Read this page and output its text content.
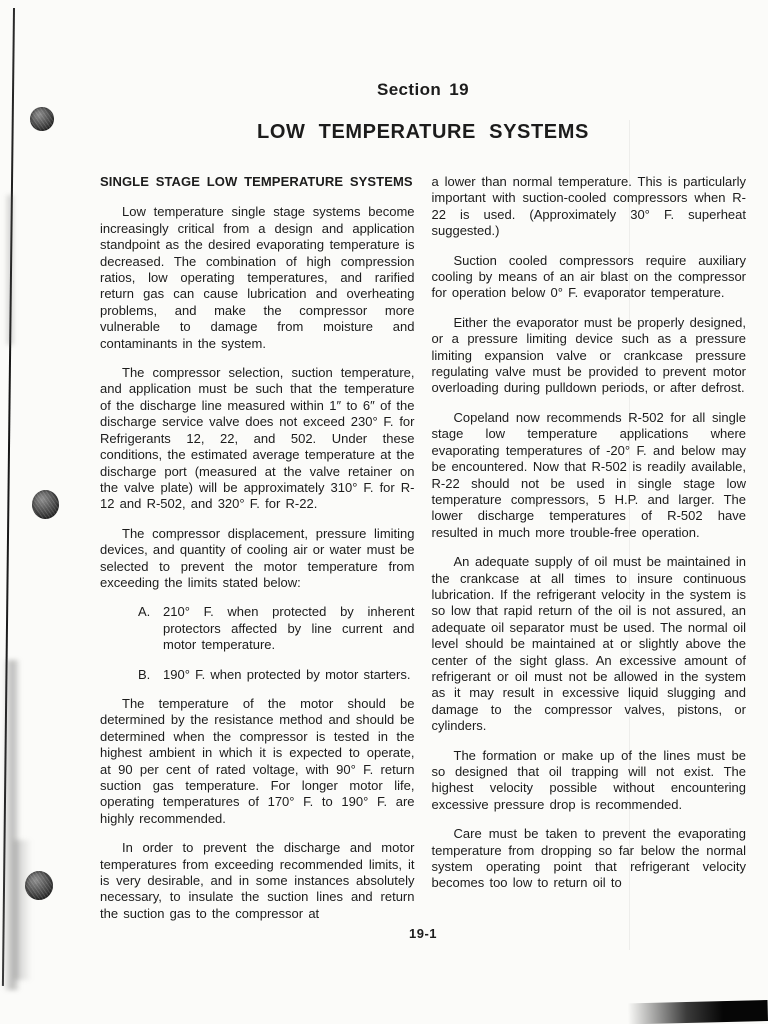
Section 19
LOW TEMPERATURE SYSTEMS
SINGLE STAGE LOW TEMPERATURE SYSTEMS

Low temperature single stage systems become increasingly critical from a design and application standpoint as the desired evaporating temperature is decreased. The combination of high compression ratios, low operating temperatures, and rarified return gas can cause lubrication and overheating problems, and make the compressor more vulnerable to damage from moisture and contaminants in the system.

The compressor selection, suction temperature, and application must be such that the temperature of the discharge line measured within 1″ to 6″ of the discharge service valve does not exceed 230° F. for Refrigerants 12, 22, and 502. Under these conditions, the estimated average temperature at the discharge port (measured at the valve retainer on the valve plate) will be approximately 310° F. for R-12 and R-502, and 320° F. for R-22.

The compressor displacement, pressure limiting devices, and quantity of cooling air or water must be selected to prevent the motor temperature from exceeding the limits stated below:

A. 210° F. when protected by inherent protectors affected by line current and motor temperature.
B. 190° F. when protected by motor starters.

The temperature of the motor should be determined by the resistance method and should be determined when the compressor is tested in the highest ambient in which it is expected to operate, at 90 per cent of rated voltage, with 90° F. return suction gas temperature. For longer motor life, operating temperatures of 170° F. to 190° F. are highly recommended.

In order to prevent the discharge and motor temperatures from exceeding recommended limits, it is very desirable, and in some instances absolutely necessary, to insulate the suction lines and return the suction gas to the compressor at

a lower than normal temperature. This is particularly important with suction-cooled compressors when R-22 is used. (Approximately 30° F. superheat suggested.)

Suction cooled compressors require auxiliary cooling by means of an air blast on the compressor for operation below 0° F. evaporator temperature.

Either the evaporator must be properly designed, or a pressure limiting device such as a pressure limiting expansion valve or crankcase pressure regulating valve must be provided to prevent motor overloading during pulldown periods, or after defrost.

Copeland now recommends R-502 for all single stage low temperature applications where evaporating temperatures of -20° F. and below may be encountered. Now that R-502 is readily available, R-22 should not be used in single stage low temperature compressors, 5 H.P. and larger. The lower discharge temperatures of R-502 have resulted in much more trouble-free operation.

An adequate supply of oil must be maintained in the crankcase at all times to insure continuous lubrication. If the refrigerant velocity in the system is so low that rapid return of the oil is not assured, an adequate oil separator must be used. The normal oil level should be maintained at or slightly above the center of the sight glass. An excessive amount of refrigerant or oil must not be allowed in the system as it may result in excessive liquid slugging and damage to the compressor valves, pistons, or cylinders.

The formation or make up of the lines must be so designed that oil trapping will not exist. The highest velocity possible without encountering excessive pressure drop is recommended.

Care must be taken to prevent the evaporating temperature from dropping so far below the normal system operating point that refrigerant velocity becomes too low to return oil to

19-1
